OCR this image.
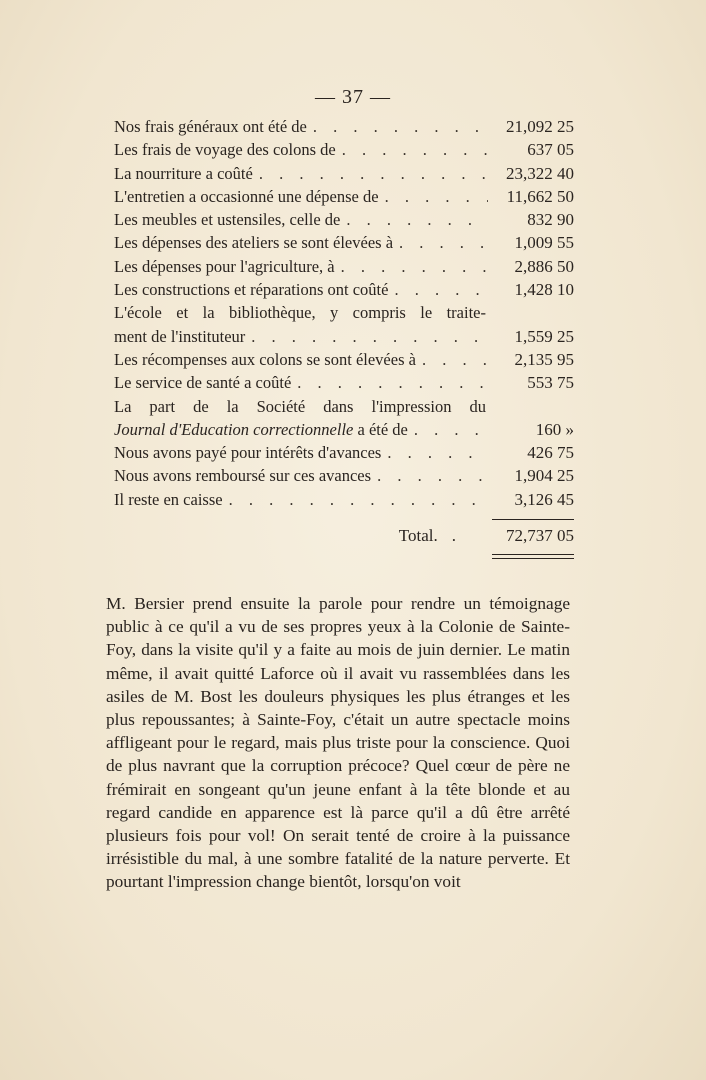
— 37 —
Nos frais généraux ont été de . . .	21,092 25
Les frais de voyage des colons de . . .	637 05
La nourriture a coûté . . .	23,322 40
L'entretien a occasionné une dépense de . . .	11,662 50
Les meubles et ustensiles, celle de . . .	832 90
Les dépenses des ateliers se sont élevées à . . .	1,009 55
Les dépenses pour l'agriculture, à . . .	2,886 50
Les constructions et réparations ont coûté . . .	1,428 10
L'école et la bibliothèque, y compris le traite-
ment de l'instituteur . . .	1,559 25
Les récompenses aux colons se sont élevées à . . .	2,135 95
Le service de santé a coûté . . .	553 75
La part de la Société dans l'impression du
Journal d'Education correctionnelle a été de . . .	160 »
Nous avons payé pour intérêts d'avances . . .	426 75
Nous avons remboursé sur ces avances . . .	1,904 25
Il reste en caisse . . .	3,126 45
Total. .	72,737 05

M. Bersier prend ensuite la parole pour rendre un témoignage public à ce qu'il a vu de ses propres yeux à la Colonie de Sainte-Foy, dans la visite qu'il y a faite au mois de juin dernier. Le matin même, il avait quitté Laforce où il avait vu rassemblées dans les asiles de M. Bost les douleurs physiques les plus étranges et les plus repoussantes; à Sainte-Foy, c'était un autre spectacle moins affligeant pour le regard, mais plus triste pour la conscience. Quoi de plus navrant que la corruption précoce? Quel cœur de père ne frémirait en songeant qu'un jeune enfant à la tête blonde et au regard candide en apparence est là parce qu'il a dû être arrêté plusieurs fois pour vol! On serait tenté de croire à la puissance irrésistible du mal, à une sombre fatalité de la nature perverte. Et pourtant l'impression change bientôt, lorsqu'on voit
